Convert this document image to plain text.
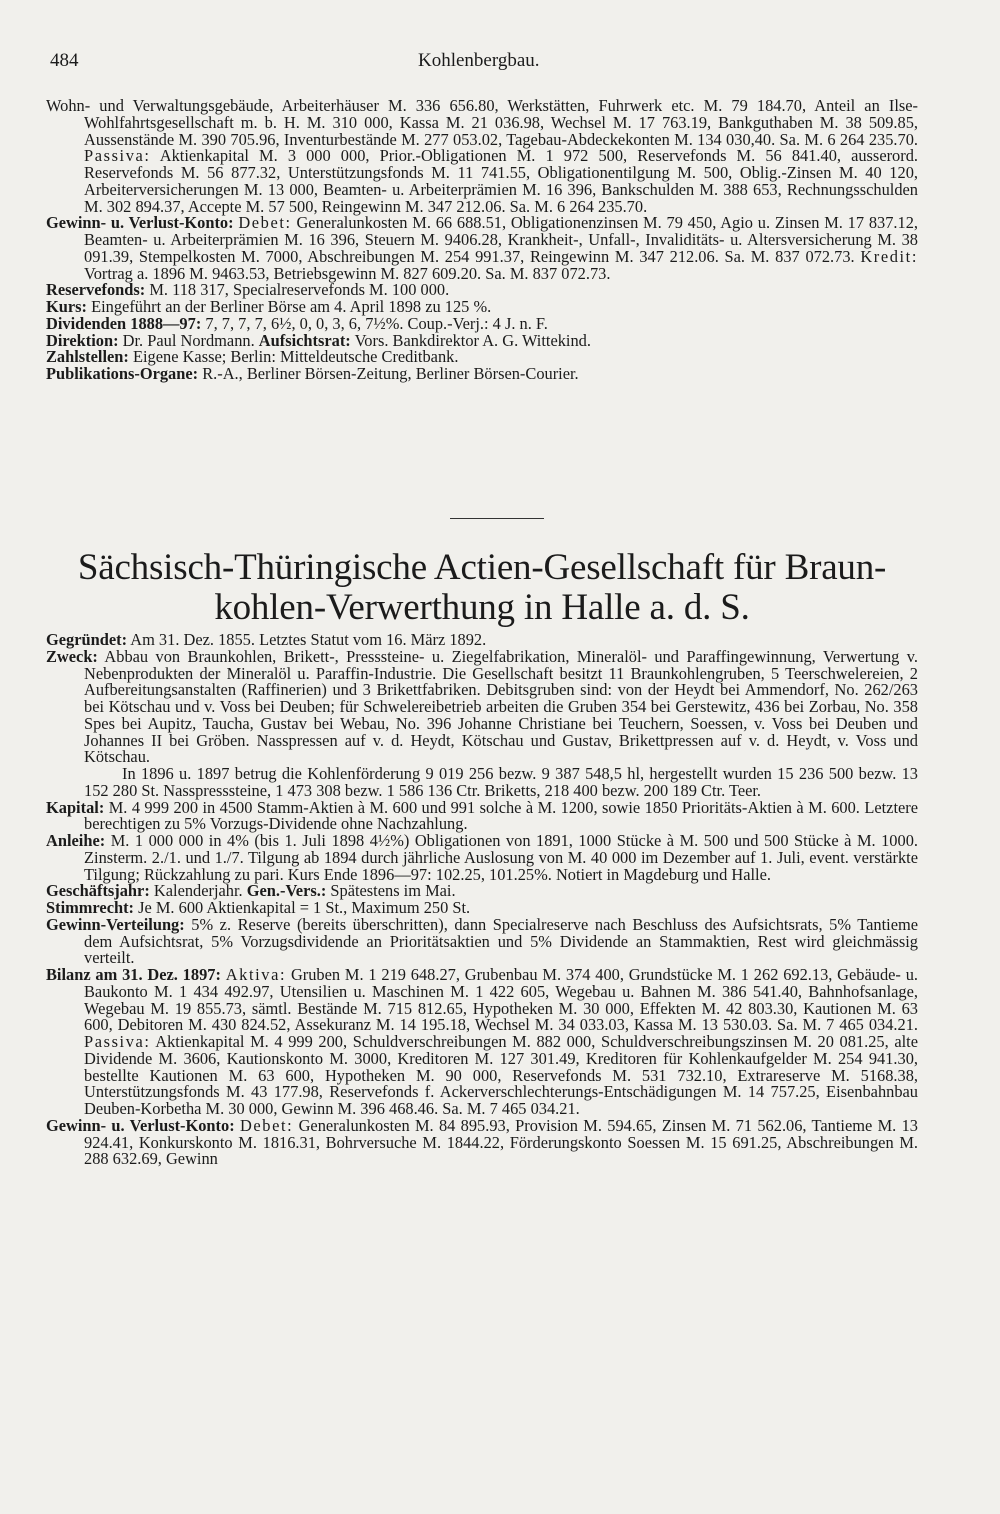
484	Kohlenbergbau.

Wohn- und Verwaltungsgebäude, Arbeiterhäuser M. 336 656.80, Werkstätten, Fuhrwerk etc. M. 79 184.70, Anteil an Ilse-Wohlfahrtsgesellschaft m. b. H. M. 310 000, Kassa M. 21 036.98, Wechsel M. 17 763.19, Bankguthaben M. 38 509.85, Aussenstände M. 390 705.96, Inventurbestände M. 277 053.02, Tagebau-Abdeckekonten M. 134 030,40. Sa. M. 6 264 235.70. Passiva: Aktienkapital M. 3 000 000, Prior.-Obligationen M. 1 972 500, Reservefonds M. 56 841.40, ausserord. Reservefonds M. 56 877.32, Unterstützungsfonds M. 11 741.55, Obligationentilgung M. 500, Oblig.-Zinsen M. 40 120, Arbeiterversicherungen M. 13 000, Beamten- u. Arbeiterprämien M. 16 396, Bankschulden M. 388 653, Rechnungsschulden M. 302 894.37, Accepte M. 57 500, Reingewinn M. 347 212.06. Sa. M. 6 264 235.70.

Gewinn- u. Verlust-Konto: Debet: Generalunkosten M. 66 688.51, Obligationenzinsen M. 79 450, Agio u. Zinsen M. 17 837.12, Beamten- u. Arbeiterprämien M. 16 396, Steuern M. 9406.28, Krankheit-, Unfall-, Invaliditäts- u. Altersversicherung M. 38 091.39, Stempelkosten M. 7000, Abschreibungen M. 254 991.37, Reingewinn M. 347 212.06. Sa. M. 837 072.73. Kredit: Vortrag a. 1896 M. 9463.53, Betriebsgewinn M. 827 609.20. Sa. M. 837 072.73.

Reservefonds: M. 118 317, Specialreservefonds M. 100 000.

Kurs: Eingeführt an der Berliner Börse am 4. April 1898 zu 125 %.

Dividenden 1888—97: 7, 7, 7, 7, 6½, 0, 0, 3, 6, 7½%. Coup.-Verj.: 4 J. n. F.

Direktion: Dr. Paul Nordmann. Aufsichtsrat: Vors. Bankdirektor A. G. Wittekind.

Zahlstellen: Eigene Kasse; Berlin: Mitteldeutsche Creditbank.

Publikations-Organe: R.-A., Berliner Börsen-Zeitung, Berliner Börsen-Courier.

Sächsisch-Thüringische Actien-Gesellschaft für Braun-
kohlen-Verwerthung in Halle a. d. S.

Gegründet: Am 31. Dez. 1855. Letztes Statut vom 16. März 1892.

Zweck: Abbau von Braunkohlen, Brikett-, Presssteine- u. Ziegelfabrikation, Mineralöl- und Paraffingewinnung, Verwertung v. Nebenprodukten der Mineralöl u. Paraffin-Industrie. Die Gesellschaft besitzt 11 Braunkohlengruben, 5 Teerschwelereien, 2 Aufbereitungsanstalten (Raffinerien) und 3 Brikettfabriken. Debitsgruben sind: von der Heydt bei Ammendorf, No. 262/263 bei Kötschau und v. Voss bei Deuben; für Schwelereibetrieb arbeiten die Gruben 354 bei Gerstewitz, 436 bei Zorbau, No. 358 Spes bei Aupitz, Taucha, Gustav bei Webau, No. 396 Johanne Christiane bei Teuchern, Soessen, v. Voss bei Deuben und Johannes II bei Gröben. Nasspressen auf v. d. Heydt, Kötschau und Gustav, Brikettpressen auf v. d. Heydt, v. Voss und Kötschau.

In 1896 u. 1897 betrug die Kohlenförderung 9 019 256 bezw. 9 387 548,5 hl, hergestellt wurden 15 236 500 bezw. 13 152 280 St. Nasspresssteine, 1 473 308 bezw. 1 586 136 Ctr. Briketts, 218 400 bezw. 200 189 Ctr. Teer.

Kapital: M. 4 999 200 in 4500 Stamm-Aktien à M. 600 und 991 solche à M. 1200, sowie 1850 Prioritäts-Aktien à M. 600. Letztere berechtigen zu 5% Vorzugs-Dividende ohne Nachzahlung.

Anleihe: M. 1 000 000 in 4% (bis 1. Juli 1898 4½%) Obligationen von 1891, 1000 Stücke à M. 500 und 500 Stücke à M. 1000. Zinsterm. 2./1. und 1./7. Tilgung ab 1894 durch jährliche Auslosung von M. 40 000 im Dezember auf 1. Juli, event. verstärkte Tilgung; Rückzahlung zu pari. Kurs Ende 1896—97: 102.25, 101.25%. Notiert in Magdeburg und Halle.

Geschäftsjahr: Kalenderjahr. Gen.-Vers.: Spätestens im Mai.

Stimmrecht: Je M. 600 Aktienkapital = 1 St., Maximum 250 St.

Gewinn-Verteilung: 5% z. Reserve (bereits überschritten), dann Specialreserve nach Beschluss des Aufsichtsrats, 5% Tantieme dem Aufsichtsrat, 5% Vorzugsdividende an Prioritätsaktien und 5% Dividende an Stammaktien, Rest wird gleichmässig verteilt.

Bilanz am 31. Dez. 1897: Aktiva: Gruben M. 1 219 648.27, Grubenbau M. 374 400, Grundstücke M. 1 262 692.13, Gebäude- u. Baukonto M. 1 434 492.97, Utensilien u. Maschinen M. 1 422 605, Wegebau u. Bahnen M. 386 541.40, Bahnhofsanlage, Wegebau M. 19 855.73, sämtl. Bestände M. 715 812.65, Hypotheken M. 30 000, Effekten M. 42 803.30, Kautionen M. 63 600, Debitoren M. 430 824.52, Assekuranz M. 14 195.18, Wechsel M. 34 033.03, Kassa M. 13 530.03. Sa. M. 7 465 034.21. Passiva: Aktienkapital M. 4 999 200, Schuldverschreibungen M. 882 000, Schuldverschreibungszinsen M. 20 081.25, alte Dividende M. 3606, Kautionskonto M. 3000, Kreditoren M. 127 301.49, Kreditoren für Kohlenkaufgelder M. 254 941.30, bestellte Kautionen M. 63 600, Hypotheken M. 90 000, Reservefonds M. 531 732.10, Extrareserve M. 5168.38, Unterstützungsfonds M. 43 177.98, Reservefonds f. Ackerverschlechterungs-Entschädigungen M. 14 757.25, Eisenbahnbau Deuben-Korbetha M. 30 000, Gewinn M. 396 468.46. Sa. M. 7 465 034.21.

Gewinn- u. Verlust-Konto: Debet: Generalunkosten M. 84 895.93, Provision M. 594.65, Zinsen M. 71 562.06, Tantieme M. 13 924.41, Konkurskonto M. 1816.31, Bohrversuche M. 1844.22, Förderungskonto Soessen M. 15 691.25, Abschreibungen M. 288 632.69, Gewinn
